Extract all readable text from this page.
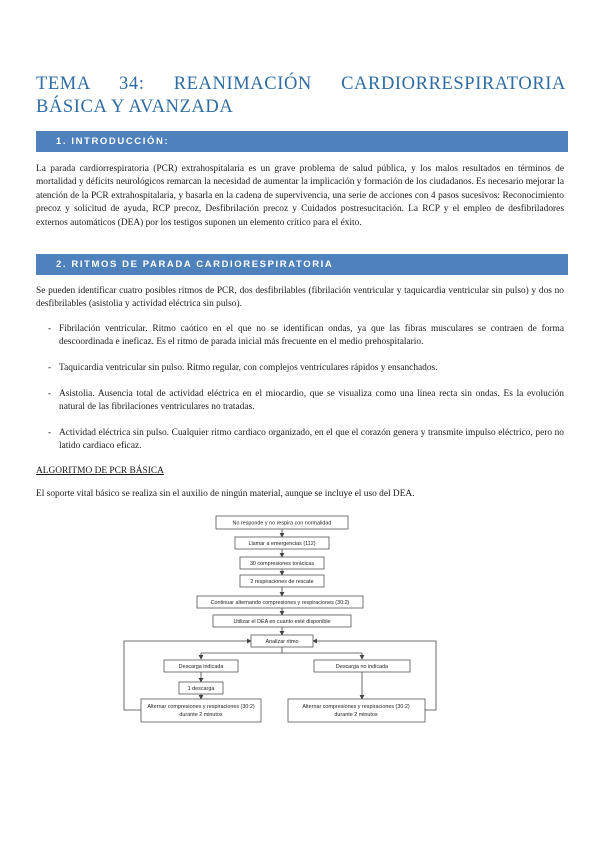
TEMA 34: REANIMACIÓN CARDIORRESPIRATORIA BÁSICA Y AVANZADA
1. INTRODUCCIÓN:
La parada cardiorrespiratoria (PCR) extrahospitalaria es un grave problema de salud pública, y los malos resultados en términos de mortalidad y déficits neurológicos remarcan la necesidad de aumentar la implicación y formación de los ciudadanos. Es necesario mejorar la atención de la PCR extrahospitalaria, y basarla en la cadena de supervivencia, una serie de acciones con 4 pasos sucesivos: Reconocimiento precoz y solicitud de ayuda, RCP precoz, Desfibrilación precoz y Cuidados postresucitación. La RCP y el empleo de desfibriladores externos automáticos (DEA) por los testigos suponen un elemento crítico para el éxito.
2. RITMOS DE PARADA CARDIORESPIRATORIA
Se pueden identificar cuatro posibles ritmos de PCR, dos desfibrilables (fibrilación ventricular y taquicardia ventricular sin pulso) y dos no desfibrilables (asistolia y actividad eléctrica sin pulso).
- Fibrilación ventricular. Ritmo caótico en el que no se identifican ondas, ya que las fibras musculares se contraen de forma descoordinada e ineficaz. Es el ritmo de parada inicial más frecuente en el medio prehospitalario.
- Taquicardia ventricular sin pulso. Ritmo regular, con complejos ventriculares rápidos y ensanchados.
- Asistolia. Ausencia total de actividad eléctrica en el miocardio, que se visualiza como una línea recta sin ondas. Es la evolución natural de las fibrilaciones ventriculares no tratadas.
- Actividad eléctrica sin pulso. Cualquier ritmo cardiaco organizado, en el que el corazón genera y transmite impulso eléctrico, pero no latido cardiaco eficaz.
ALGORITMO DE PCR BÁSICA
El soporte vital básico se realiza sin el auxilio de ningún material, aunque se incluye el uso del DEA.
No responde y no respira con normalidad
Llamar a emergencias (112)
30 compresiones torácicas
2 respiraciones de rescate
Continuar alternando compresiones y respiraciones (30:2)
Utilizar el DEA en cuanto esté disponible
Analizar ritmo
Descarga indicada
1 descarga
Alternar compresiones y respiraciones (30:2)
durante 2 minutos
Descarga no indicada
Alternar compresiones y respiraciones (30:2)
durante 2 minutos
